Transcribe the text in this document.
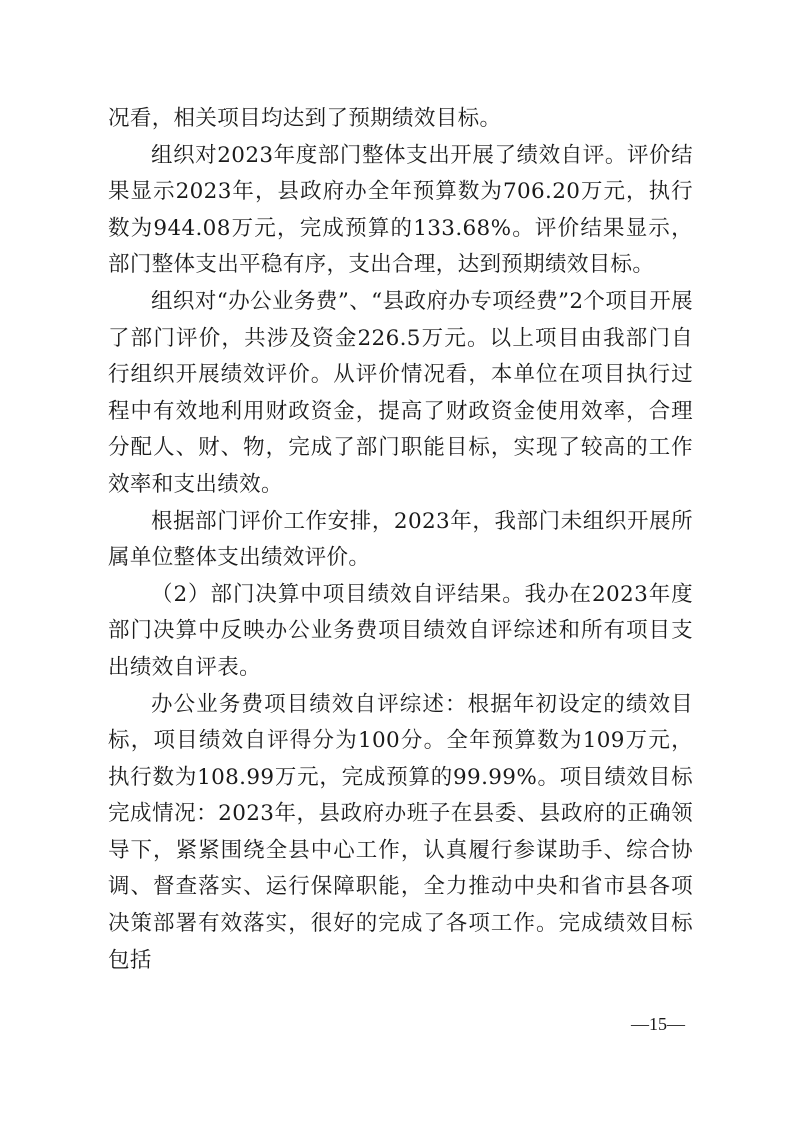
况看，相关项目均达到了预期绩效目标。

组织对2023年度部门整体支出开展了绩效自评。评价结果显示2023年，县政府办全年预算数为706.20万元，执行数为944.08万元，完成预算的133.68%。评价结果显示，部门整体支出平稳有序，支出合理，达到预期绩效目标。

组织对“办公业务费”、“县政府办专项经费”2个项目开展了部门评价，共涉及资金226.5万元。以上项目由我部门自行组织开展绩效评价。从评价情况看，本单位在项目执行过程中有效地利用财政资金，提高了财政资金使用效率，合理分配人、财、物，完成了部门职能目标，实现了较高的工作效率和支出绩效。

根据部门评价工作安排，2023年，我部门未组织开展所属单位整体支出绩效评价。

（2）部门决算中项目绩效自评结果。我办在2023年度部门决算中反映办公业务费项目绩效自评综述和所有项目支出绩效自评表。

办公业务费项目绩效自评综述：根据年初设定的绩效目标，项目绩效自评得分为100分。全年预算数为109万元，执行数为108.99万元，完成预算的99.99%。项目绩效目标完成情况：2023年，县政府办班子在县委、县政府的正确领导下，紧紧围绕全县中心工作，认真履行参谋助手、综合协调、督查落实、运行保障职能，全力推动中央和省市县各项决策部署有效落实，很好的完成了各项工作。完成绩效目标包括

—15—
